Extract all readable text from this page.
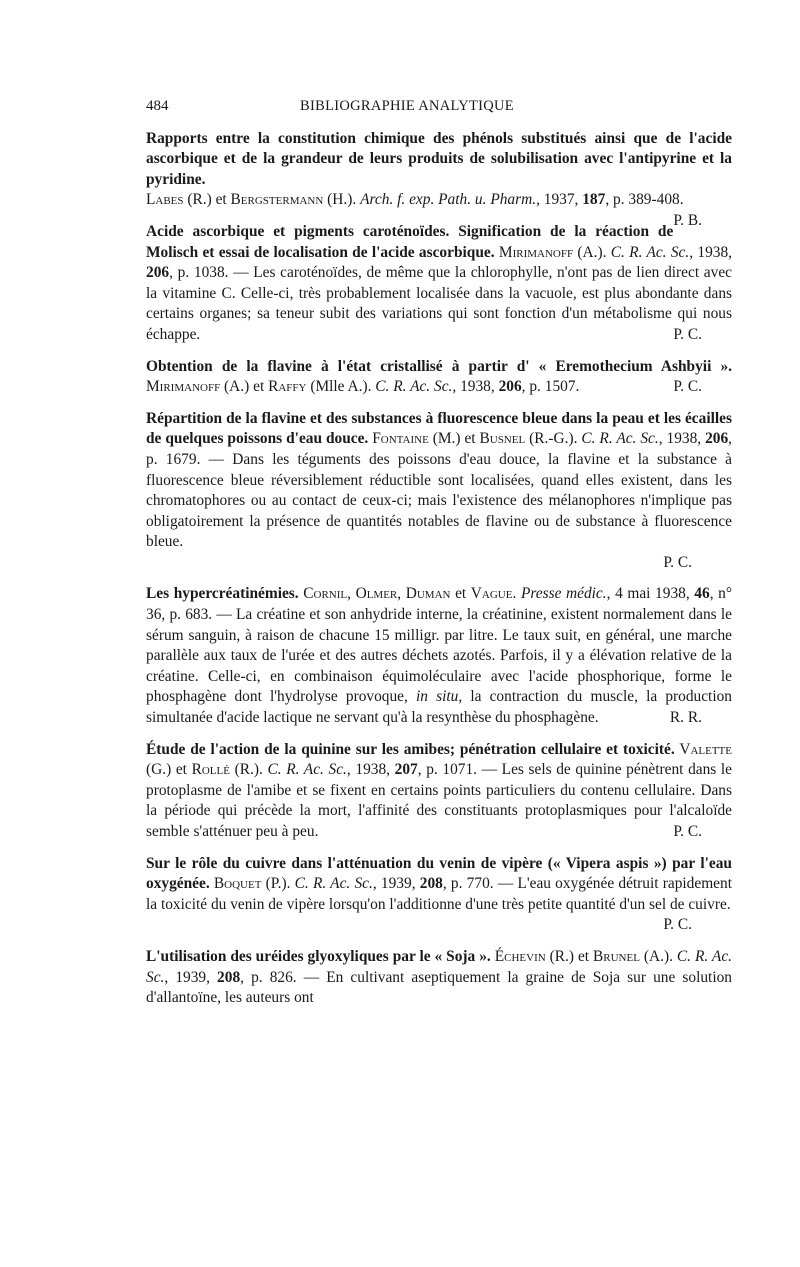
484	BIBLIOGRAPHIE ANALYTIQUE
Rapports entre la constitution chimique des phénols substitués ainsi que de l'acide ascorbique et de la grandeur de leurs produits de solubilisation avec l'antipyrine et la pyridine.
Labes (R.) et Bergstermann (H.). Arch. f. exp. Path. u. Pharm., 1937, 187, p. 389-408.
P. B.
Acide ascorbique et pigments caroténoïdes. Signification de la réaction de Molisch et essai de localisation de l'acide ascorbique. Mirimanoff (A.). C. R. Ac. Sc., 1938, 206, p. 1038. — Les caroténoïdes, de même que la chlorophylle, n'ont pas de lien direct avec la vitamine C. Celle-ci, très probablement localisée dans la vacuole, est plus abondante dans certains organes; sa teneur subit des variations qui sont fonction d'un métabolisme qui nous échappe.	P. C.
Obtention de la flavine à l'état cristallisé à partir d' « Eremothecium Ashbyii ». Mirimanoff (A.) et Raffy (Mlle A.). C. R. Ac. Sc., 1938, 206, p. 1507.	P. C.
Répartition de la flavine et des substances à fluorescence bleue dans la peau et les écailles de quelques poissons d'eau douce. Fontaine (M.) et Busnel (R.-G.). C. R. Ac. Sc., 1938, 206, p. 1679. — Dans les téguments des poissons d'eau douce, la flavine et la substance à fluorescence bleue réversiblement réductible sont localisées, quand elles existent, dans les chromatophores ou au contact de ceux-ci; mais l'existence des mélanophores n'implique pas obligatoirement la présence de quantités notables de flavine ou de substance à fluorescence bleue.
P. C.
Les hypercréatinémies. Cornil, Olmer, Duman et Vague. Presse médic., 4 mai 1938, 46, n° 36, p. 683. — La créatine et son anhydride interne, la créatinine, existent normalement dans le sérum sanguin, à raison de chacune 15 milligr. par litre. Le taux suit, en général, une marche parallèle aux taux de l'urée et des autres déchets azotés. Parfois, il y a élévation relative de la créatine. Celle-ci, en combinaison équimoléculaire avec l'acide phosphorique, forme le phosphagène dont l'hydrolyse provoque, in situ, la contraction du muscle, la production simultanée d'acide lactique ne servant qu'à la resynthèse du phosphagène.	R. R.
Étude de l'action de la quinine sur les amibes; pénétration cellulaire et toxicité. Valette (G.) et Rollé (R.). C. R. Ac. Sc., 1938, 207, p. 1071. — Les sels de quinine pénètrent dans le protoplasme de l'amibe et se fixent en certains points particuliers du contenu cellulaire. Dans la période qui précède la mort, l'affinité des constituants protoplasmiques pour l'alcaloïde semble s'atténuer peu à peu.	P. C.
Sur le rôle du cuivre dans l'atténuation du venin de vipère (« Vipera aspis ») par l'eau oxygénée. Boquet (P.). C. R. Ac. Sc., 1939, 208, p. 770. — L'eau oxygénée détruit rapidement la toxicité du venin de vipère lorsqu'on l'additionne d'une très petite quantité d'un sel de cuivre.
P. C.
L'utilisation des uréides glyoxyliques par le « Soja ». Échevin (R.) et Brunel (A.). C. R. Ac. Sc., 1939, 208, p. 826. — En cultivant aseptiquement la graine de Soja sur une solution d'allantoïne, les auteurs ont
